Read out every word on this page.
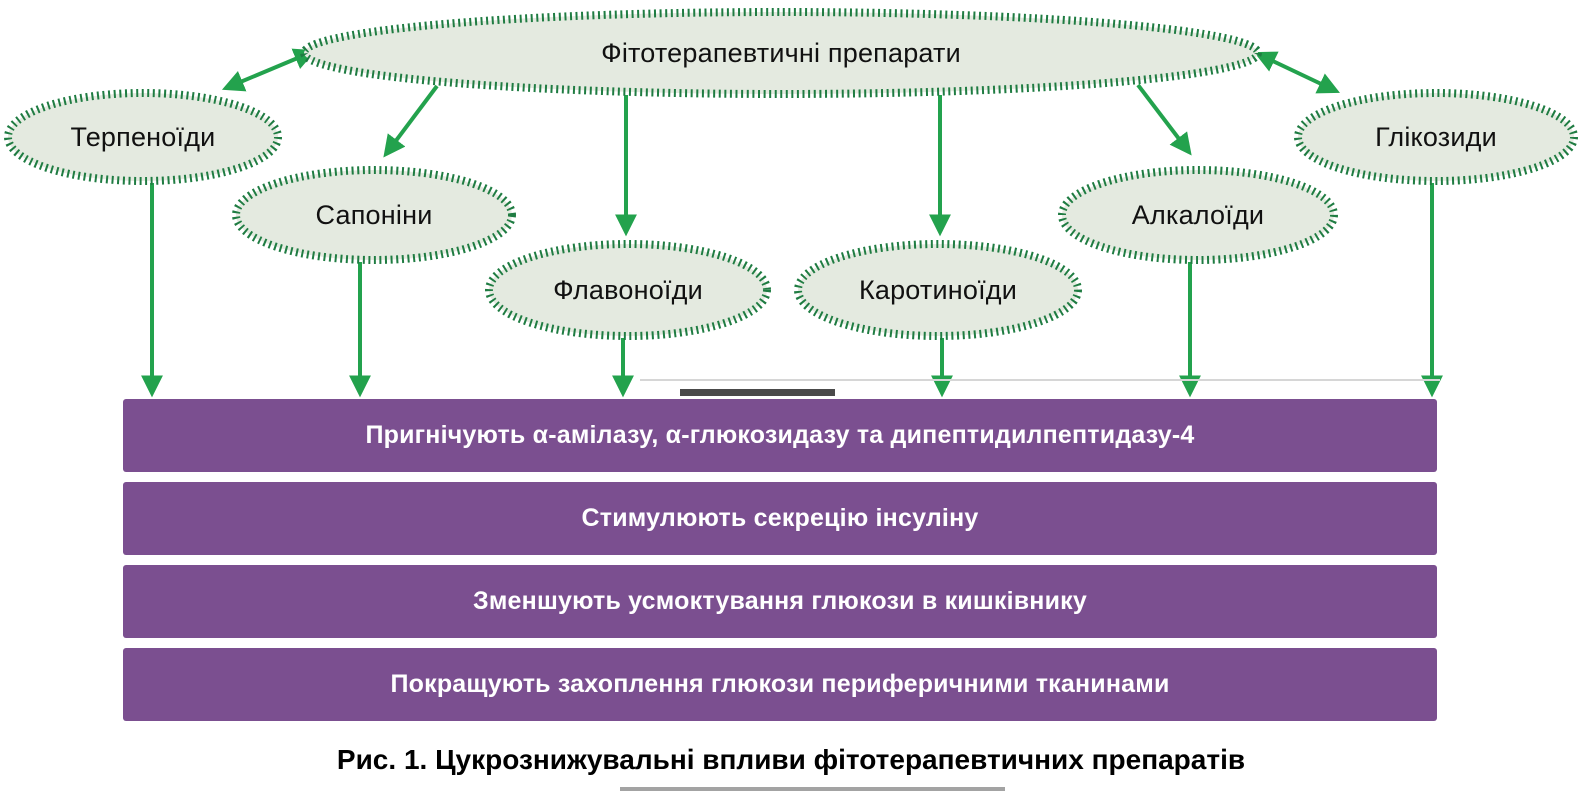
Фітотерапевтичні препарати
Терпеноїди
Сапоніни
Флавоноїди	Каротиноїди
Алкалоїди
Глікозиди
Пригнічують α-амілазу, α-глюкозидазу та дипептидилпептидазу-4
Стимулюють секрецію інсуліну
Зменшують усмоктування глюкози в кишківнику
Покращують захоплення глюкози периферичними тканинами
Рис. 1. Цукрознижувальні впливи фітотерапевтичних препаратів
